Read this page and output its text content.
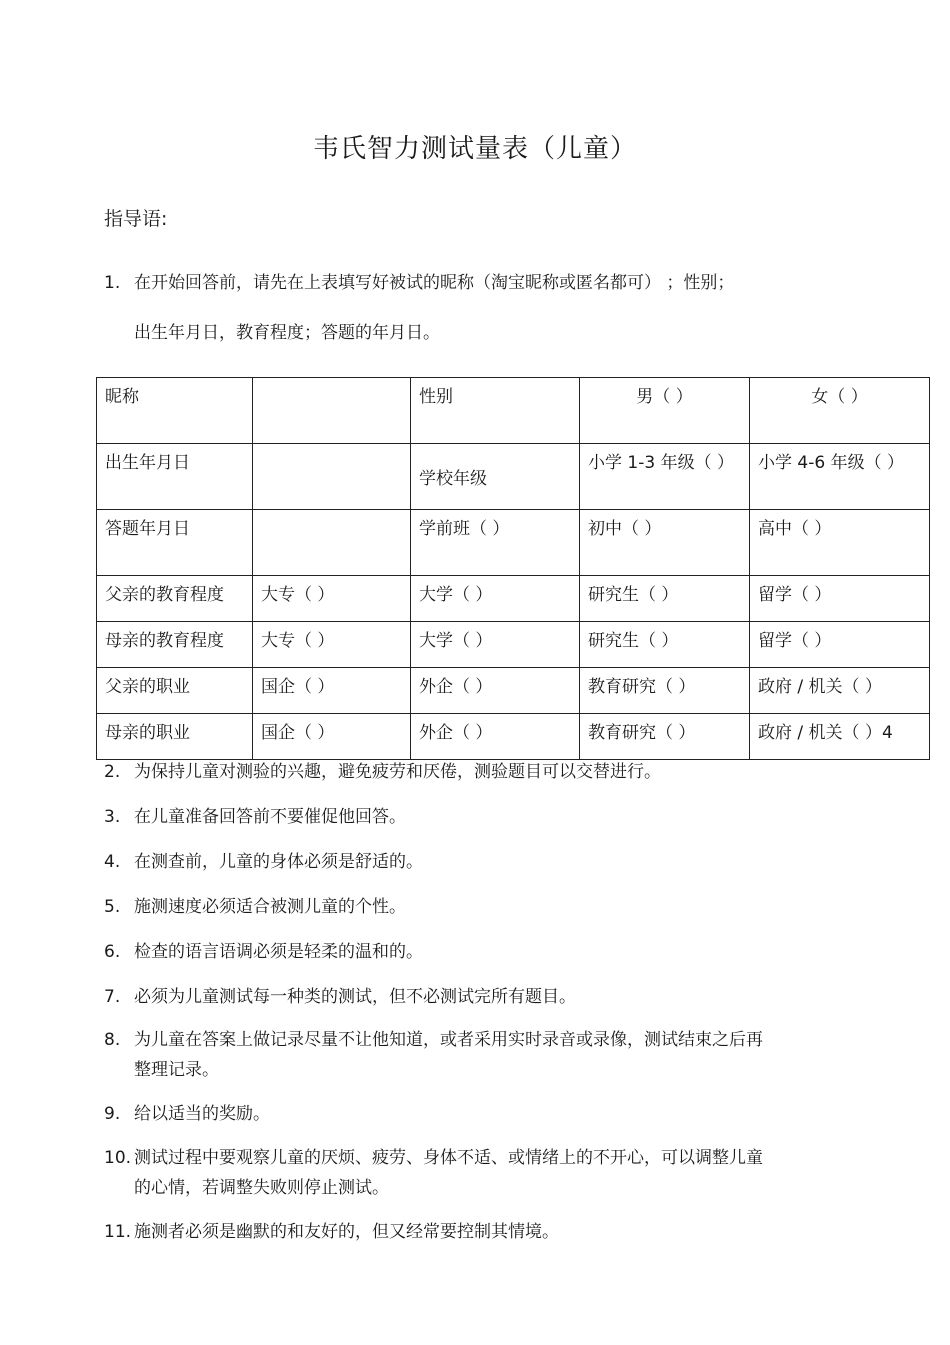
韦氏智力测试量表（儿童）
指导语:
1. 在开始回答前，请先在上表填写好被试的昵称（淘宝昵称或匿名都可） ；性别；
出生年月日，教育程度；答题的年月日。
昵称		性别	男（ ）	女（ ）
出生年月日		学校年级	小学 1-3 年级（ ）	小学 4-6 年级（ ）
答题年月日		学前班（ ）	初中（ ）	高中（ ）
父亲的教育程度	大专（ ）	大学（ ）	研究生（ ）	留学（ ）
母亲的教育程度	大专（ ）	大学（ ）	研究生（ ）	留学（ ）
父亲的职业	国企（ ）	外企（ ）	教育研究（ ）	政府 / 机关（ ）
母亲的职业	国企（ ）	外企（ ）	教育研究（ ）	政府 / 机关（ ）4
2. 为保持儿童对测验的兴趣，避免疲劳和厌倦，测验题目可以交替进行。
3. 在儿童准备回答前不要催促他回答。
4. 在测查前，儿童的身体必须是舒适的。
5. 施测速度必须适合被测儿童的个性。
6. 检查的语言语调必须是轻柔的温和的。
7. 必须为儿童测试每一种类的测试，但不必测试完所有题目。
8. 为儿童在答案上做记录尽量不让他知道，或者采用实时录音或录像，测试结束之后再
整理记录。
9. 给以适当的奖励。
10. 测试过程中要观察儿童的厌烦、疲劳、身体不适、或情绪上的不开心，可以调整儿童
的心情，若调整失败则停止测试。
11. 施测者必须是幽默的和友好的，但又经常要控制其情境。
